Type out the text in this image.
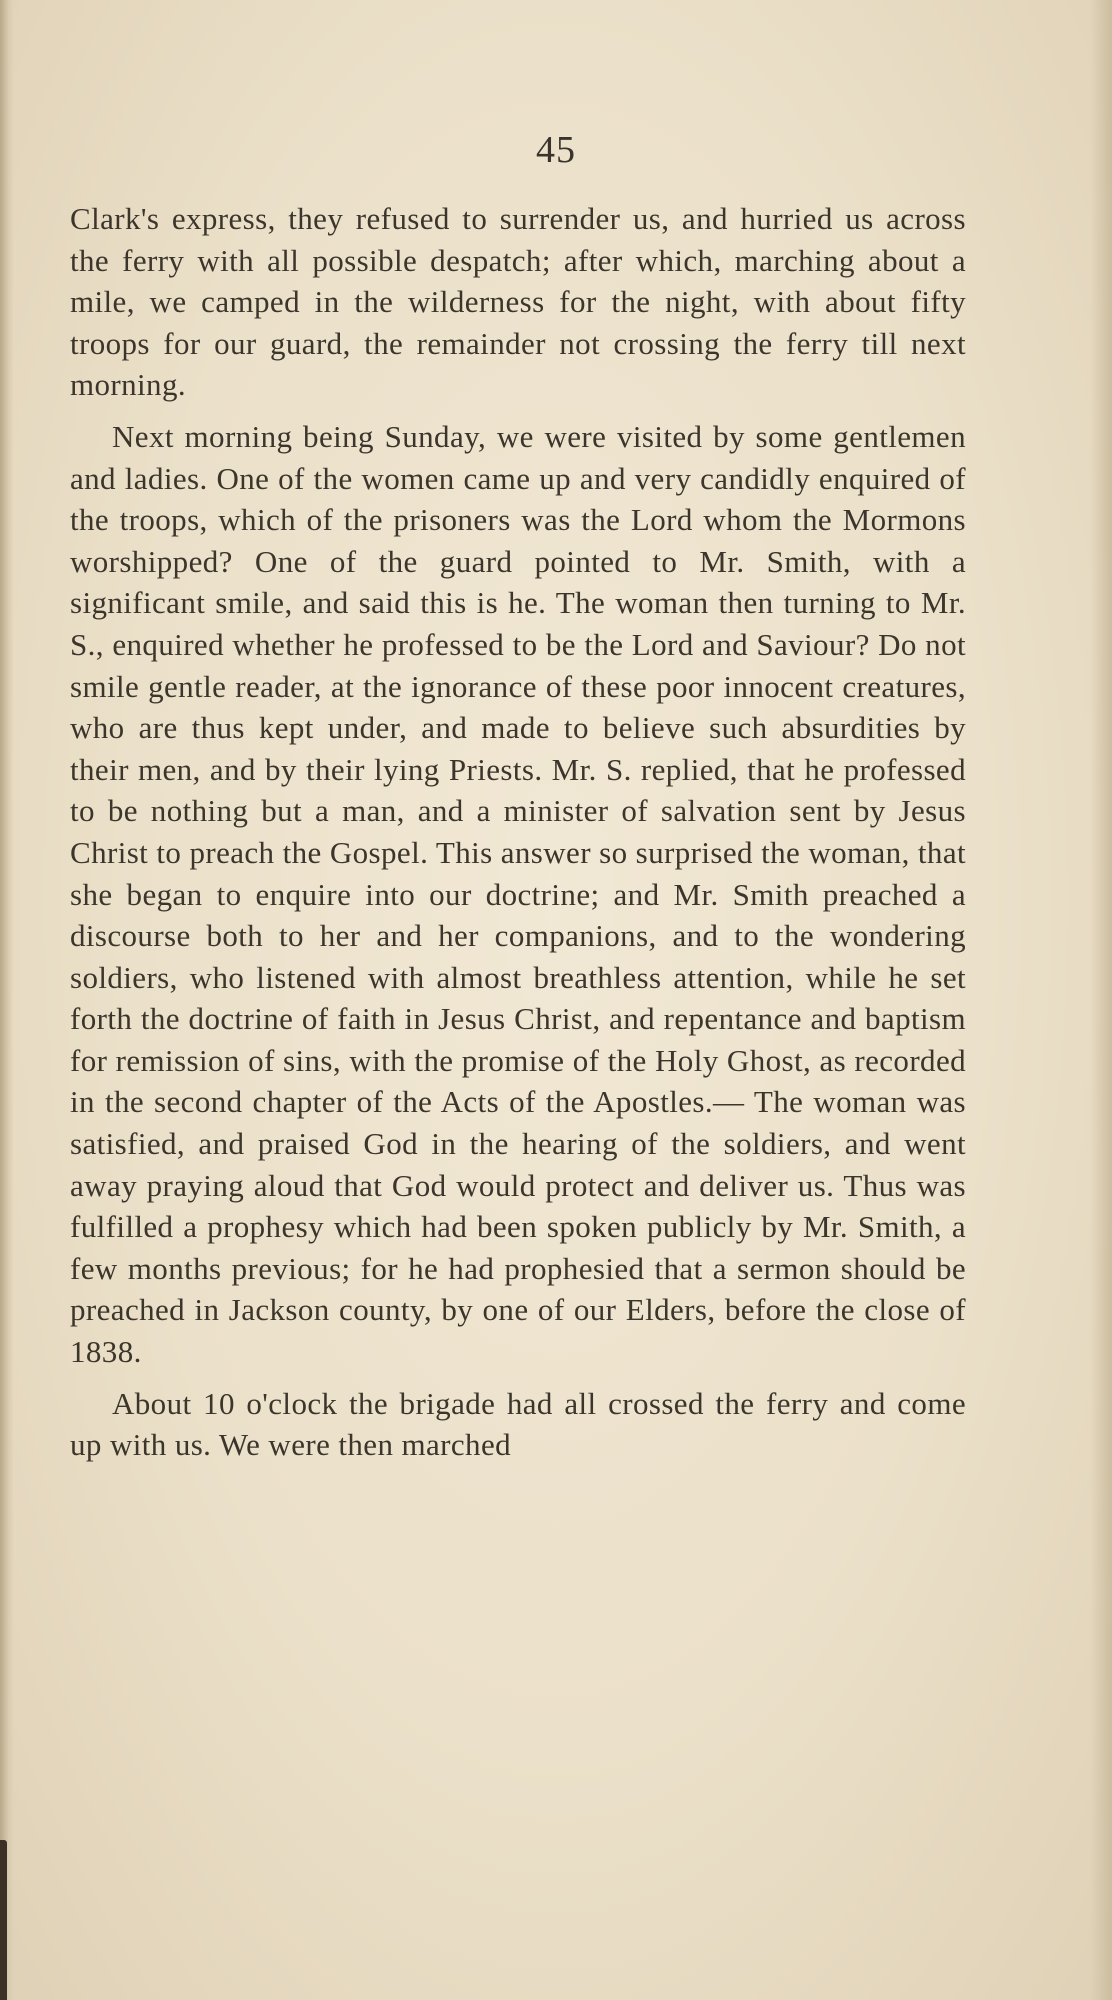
45

Clark's express, they refused to surrender us, and hurried us across the ferry with all possible despatch; after which, marching about a mile, we camped in the wilderness for the night, with about fifty troops for our guard, the remainder not crossing the ferry till next morning.

Next morning being Sunday, we were visited by some gentlemen and ladies. One of the women came up and very candidly enquired of the troops, which of the prisoners was the Lord whom the Mormons worshipped? One of the guard pointed to Mr. Smith, with a significant smile, and said this is he. The woman then turning to Mr. S., enquired whether he professed to be the Lord and Saviour? Do not smile gentle reader, at the ignorance of these poor innocent creatures, who are thus kept under, and made to believe such absurdities by their men, and by their lying Priests. Mr. S. replied, that he professed to be nothing but a man, and a minister of salvation sent by Jesus Christ to preach the Gospel. This answer so surprised the woman, that she began to enquire into our doctrine; and Mr. Smith preached a discourse both to her and her companions, and to the wondering soldiers, who listened with almost breathless attention, while he set forth the doctrine of faith in Jesus Christ, and repentance and baptism for remission of sins, with the promise of the Holy Ghost, as recorded in the second chapter of the Acts of the Apostles.— The woman was satisfied, and praised God in the hearing of the soldiers, and went away praying aloud that God would protect and deliver us. Thus was fulfilled a prophesy which had been spoken publicly by Mr. Smith, a few months previous; for he had prophesied that a sermon should be preached in Jackson county, by one of our Elders, before the close of 1838.

About 10 o'clock the brigade had all crossed the ferry and come up with us. We were then marched
